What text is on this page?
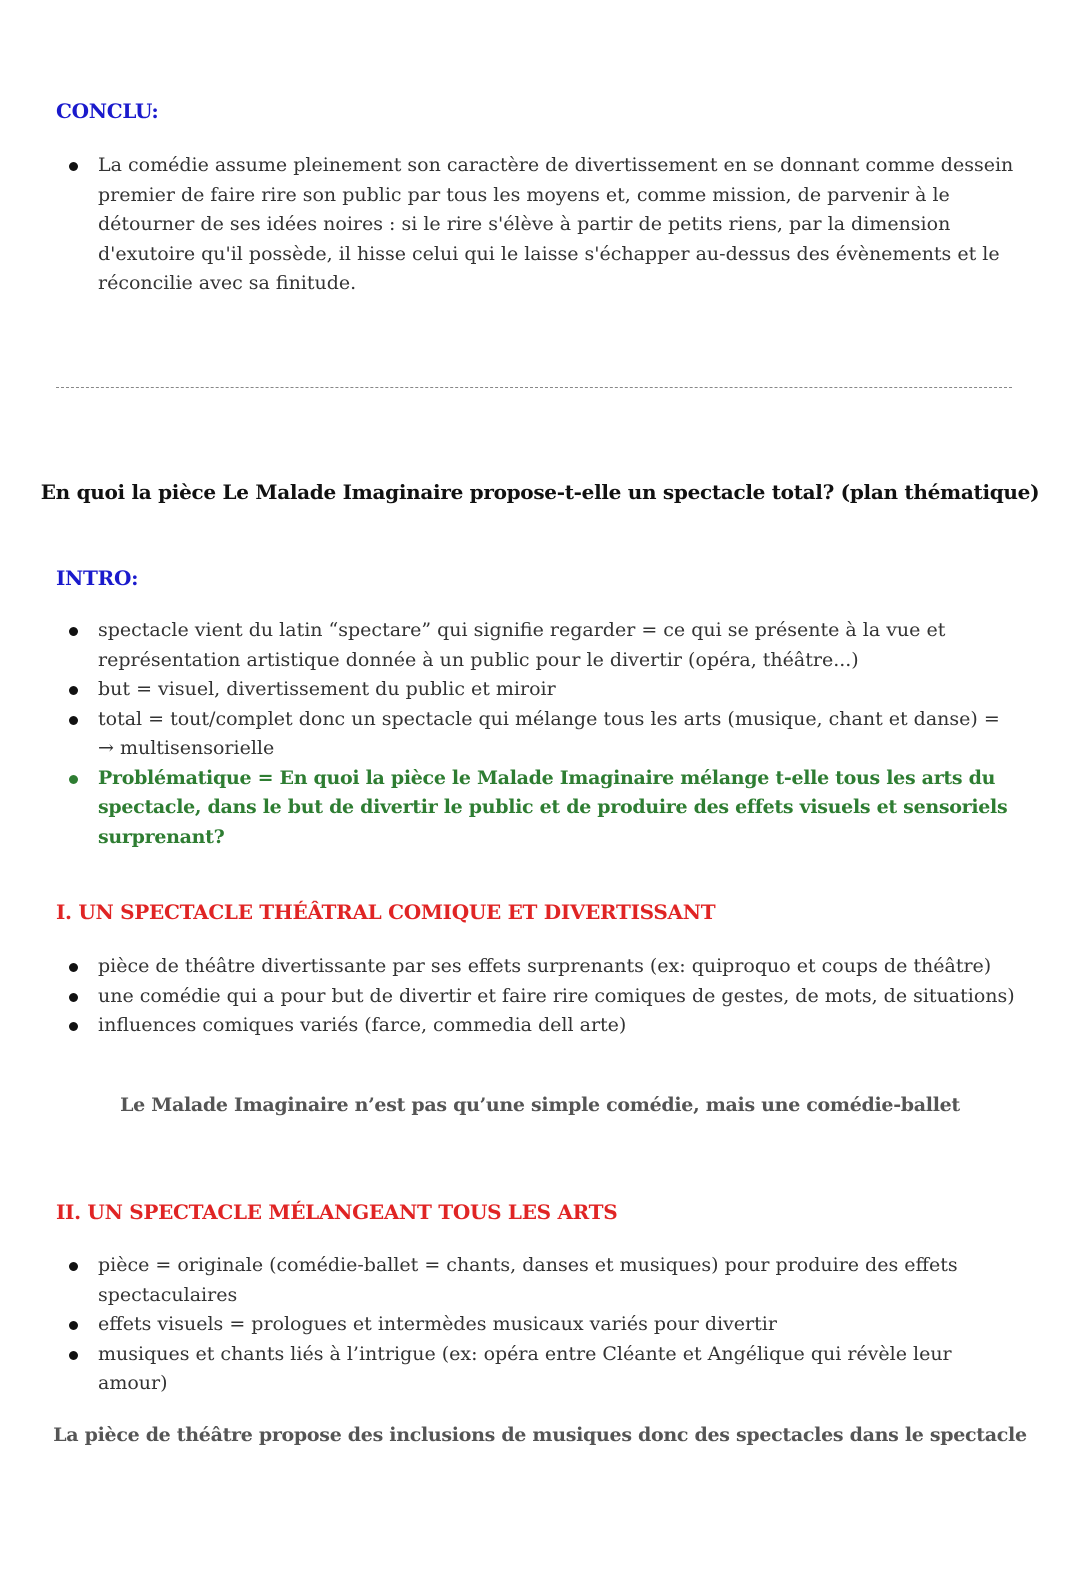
CONCLU:
La comédie assume pleinement son caractère de divertissement en se donnant comme dessein premier de faire rire son public par tous les moyens et, comme mission, de parvenir à le détourner de ses idées noires : si le rire s'élève à partir de petits riens, par la dimension d'exutoire qu'il possède, il hisse celui qui le laisse s'échapper au-dessus des évènements et le réconcilie avec sa finitude.
En quoi la pièce Le Malade Imaginaire propose-t-elle un spectacle total? (plan thématique)
INTRO:
spectacle vient du latin “spectare” qui signifie regarder = ce qui se présente à la vue et représentation artistique donnée à un public pour le divertir (opéra, théâtre...)
but = visuel, divertissement du public et miroir
total = tout/complet donc un spectacle qui mélange tous les arts (musique, chant et danse) = → multisensorielle
Problématique = En quoi la pièce le Malade Imaginaire mélange t-elle tous les arts du spectacle, dans le but de divertir le public et de produire des effets visuels et sensoriels surprenant?
I. UN SPECTACLE THÉÂTRAL COMIQUE ET DIVERTISSANT
pièce de théâtre divertissante par ses effets surprenants (ex: quiproquo et coups de théâtre)
une comédie qui a pour but de divertir et faire rire comiques de gestes, de mots, de situations)
influences comiques variés (farce, commedia dell arte)

Le Malade Imaginaire n’est pas qu’une simple comédie, mais une comédie-ballet

II. UN SPECTACLE MÉLANGEANT TOUS LES ARTS
pièce = originale (comédie-ballet = chants, danses et musiques) pour produire des effets spectaculaires
effets visuels = prologues et intermèdes musicaux variés pour divertir
musiques et chants liés à l’intrigue (ex: opéra entre Cléante et Angélique qui révèle leur amour)

La pièce de théâtre propose des inclusions de musiques donc des spectacles dans le spectacle
